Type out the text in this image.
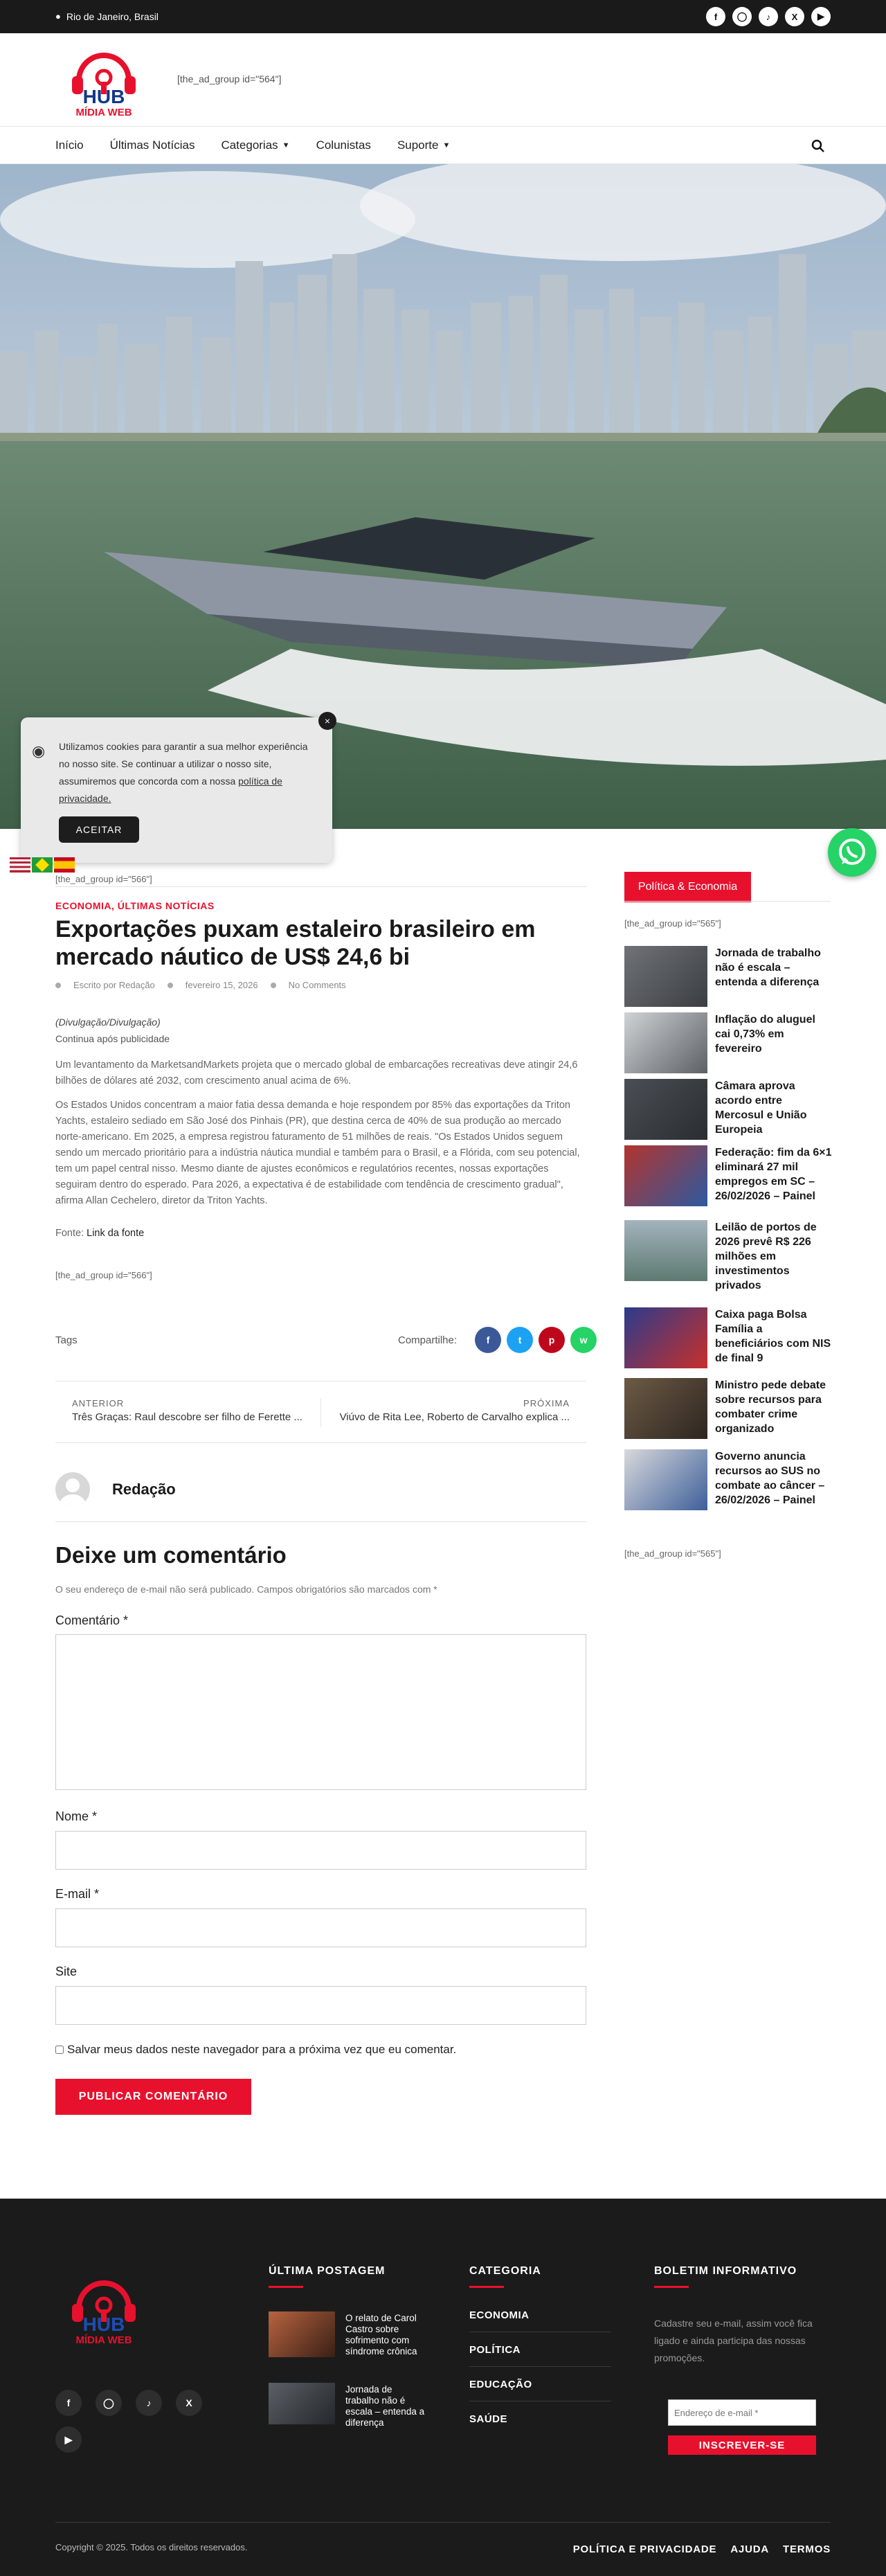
● Rio de Janeiro, Brasil	f	◯	♪	X	▶
HUB
MÍDIA WEB
[the_ad_group id="564"]
Início Últimas Notícias Categorias ▼ Colunistas Suporte ▼
◉ Utilizamos cookies para garantir a sua melhor experiência no nosso site. Se continuar a utilizar o nosso site, assumiremos que concorda com a nossa política de privacidade.
ACEITAR
×
[the_ad_group id="566"]
ECONOMIA, ÚLTIMAS NOTÍCIAS
Exportações puxam estaleiro brasileiro em mercado náutico de US$ 24,6 bi
Escrito por Redação	fevereiro 15, 2026	No Comments
(Divulgação/Divulgação)
Continua após publicidade

Um levantamento da MarketsandMarkets projeta que o mercado global de embarcações recreativas deve atingir 24,6 bilhões de dólares até 2032, com crescimento anual acima de 6%.

Os Estados Unidos concentram a maior fatia dessa demanda e hoje respondem por 85% das exportações da Triton Yachts, estaleiro sediado em São José dos Pinhais (PR), que destina cerca de 40% de sua produção ao mercado norte-americano. Em 2025, a empresa registrou faturamento de 51 milhões de reais. "Os Estados Unidos seguem sendo um mercado prioritário para a indústria náutica mundial e também para o Brasil, e a Flórida, com seu potencial, tem um papel central nisso. Mesmo diante de ajustes econômicos e regulatórios recentes, nossas exportações seguiram dentro do esperado. Para 2026, a expectativa é de estabilidade com tendência de crescimento gradual", afirma Allan Cechelero, diretor da Triton Yachts.

Fonte: Link da fonte
[the_ad_group id="566"]
Tags	Compartilhe:	f	t	p	w
ANTERIOR
Três Graças: Raul descobre ser filho de Ferette ...
PRÓXIMA
Viúvo de Rita Lee, Roberto de Carvalho explica ...
Redação
Deixe um comentário
O seu endereço de e-mail não será publicado. Campos obrigatórios são marcados com *
Comentário *
Nome *
E-mail *
Site
Salvar meus dados neste navegador para a próxima vez que eu comentar.
PUBLICAR COMENTÁRIO
Política & Economia
[the_ad_group id="565"]
Jornada de trabalho não é escala – entenda a diferença
Inflação do aluguel cai 0,73% em fevereiro
Câmara aprova acordo entre Mercosul e União Europeia
Federação: fim da 6×1 eliminará 27 mil empregos em SC – 26/02/2026 – Painel
Leilão de portos de 2026 prevê R$ 226 milhões em investimentos privados
Caixa paga Bolsa Família a beneficiários com NIS de final 9
Ministro pede debate sobre recursos para combater crime organizado
Governo anuncia recursos ao SUS no combate ao câncer – 26/02/2026 – Painel
[the_ad_group id="565"]
HUB
MÍDIA WEB
f	◯	♪	X
▶
ÚLTIMA POSTAGEM
O relato de Carol Castro sobre sofrimento com síndrome crônica
Jornada de trabalho não é escala – entenda a diferença
CATEGORIA
ECONOMIA
POLÍTICA
EDUCAÇÃO
SAÚDE
BOLETIM INFORMATIVO
Cadastre seu e-mail, assim você fica ligado e ainda participa das nossas promoções.
Endereço de e-mail *
INSCREVER-SE
Copyright © 2025. Todos os direitos reservados.	POLÍTICA E PRIVACIDADE AJUDA TERMOS
